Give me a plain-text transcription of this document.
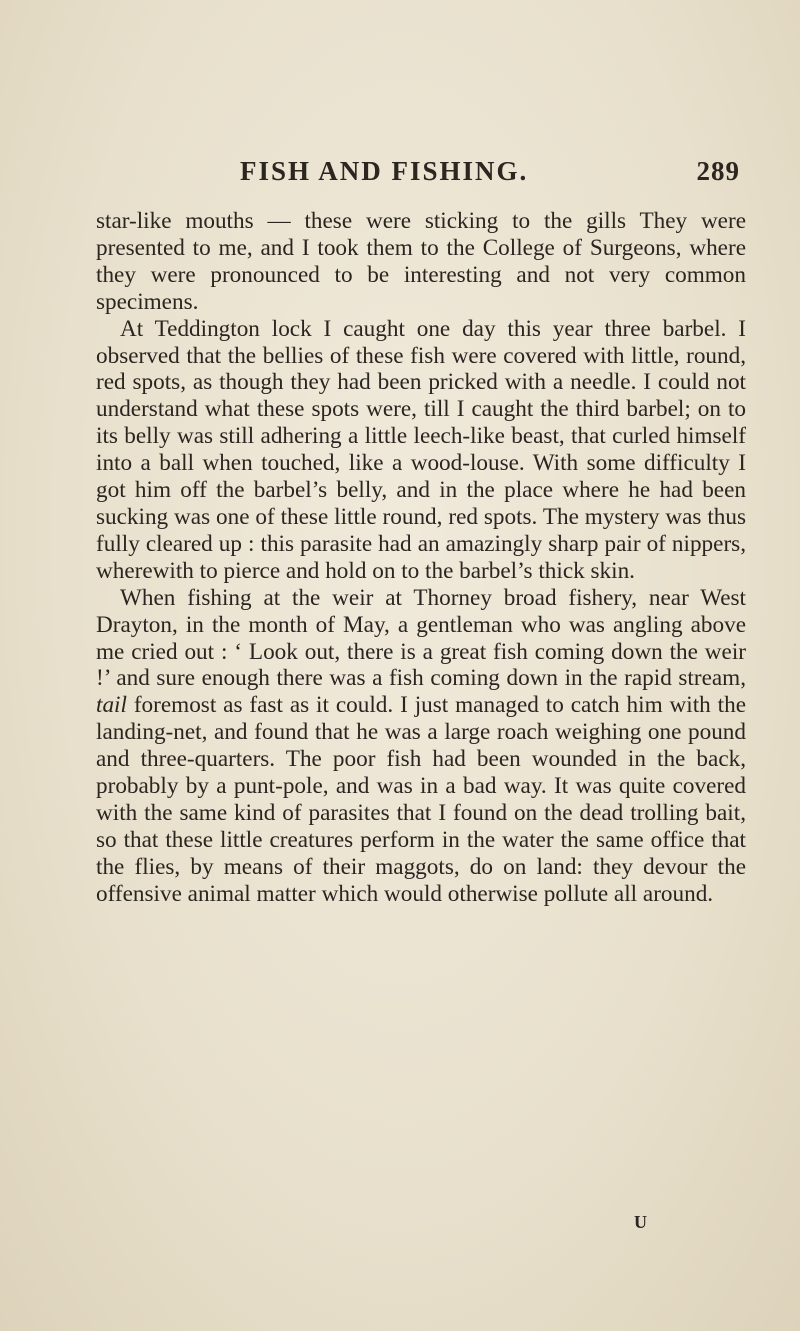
FISH AND FISHING.	289

star-like mouths — these were sticking to the gills They were presented to me, and I took them to the College of Surgeons, where they were pronounced to be interesting and not very common specimens.

At Teddington lock I caught one day this year three barbel. I observed that the bellies of these fish were covered with little, round, red spots, as though they had been pricked with a needle. I could not understand what these spots were, till I caught the third barbel; on to its belly was still adhering a little leech-like beast, that curled himself into a ball when touched, like a wood-louse. With some difficulty I got him off the barbel’s belly, and in the place where he had been sucking was one of these little round, red spots. The mystery was thus fully cleared up : this parasite had an amazingly sharp pair of nippers, wherewith to pierce and hold on to the barbel’s thick skin.

When fishing at the weir at Thorney broad fishery, near West Drayton, in the month of May, a gentleman who was angling above me cried out : ‘ Look out, there is a great fish coming down the weir !’ and sure enough there was a fish coming down in the rapid stream, tail foremost as fast as it could. I just managed to catch him with the landing-net, and found that he was a large roach weighing one pound and three-quarters. The poor fish had been wounded in the back, probably by a punt-pole, and was in a bad way. It was quite covered with the same kind of parasites that I found on the dead trolling bait, so that these little creatures perform in the water the same office that the flies, by means of their maggots, do on land: they devour the offensive animal matter which would otherwise pollute all around.

U
